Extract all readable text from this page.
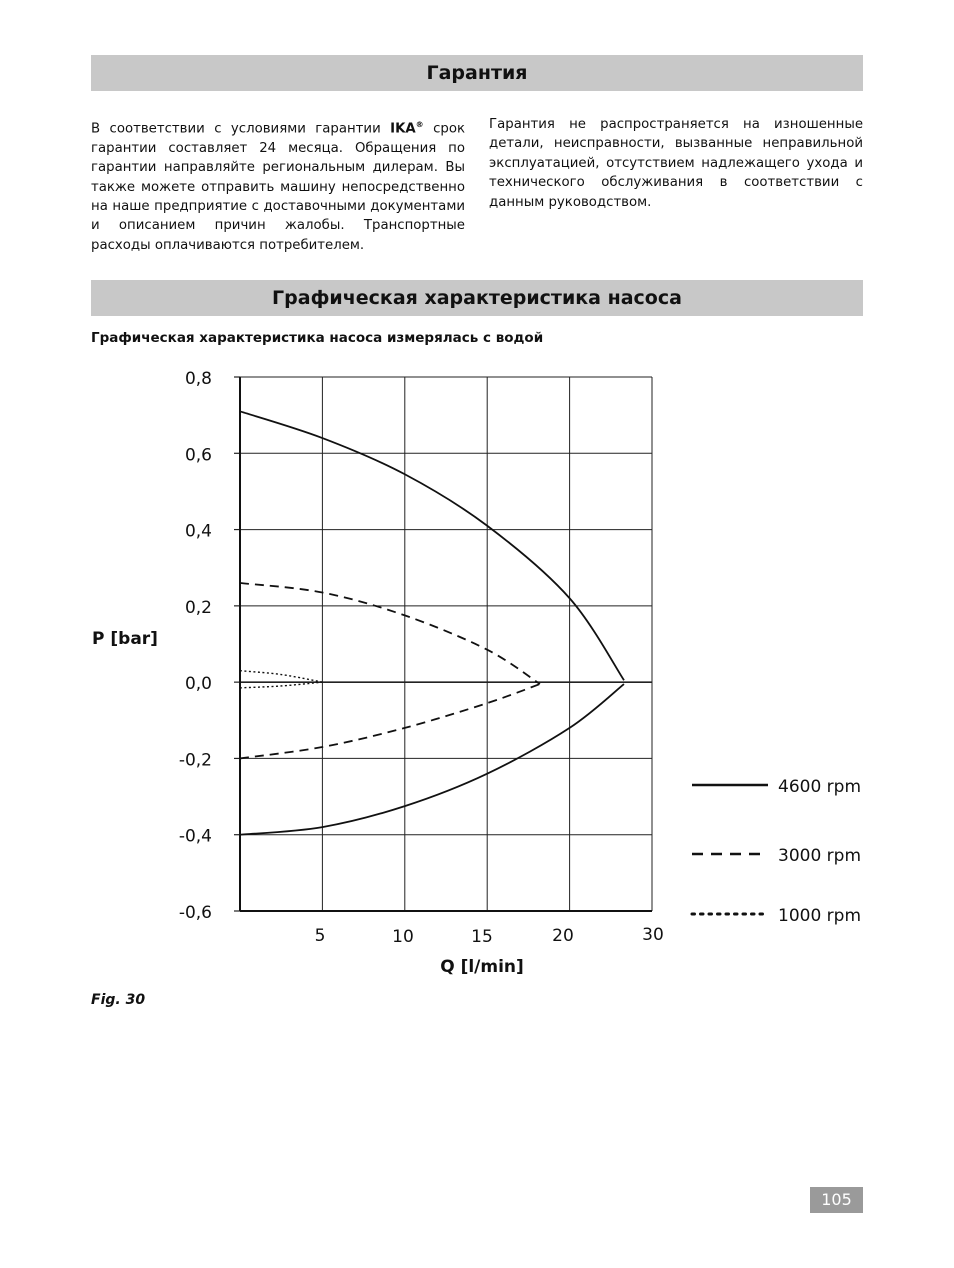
Гарантия
В соответствии с условиями гарантии IKA® срок гарантии составляет 24 месяца. Обращения по гарантии направляйте региональным дилерам. Вы также можете отправить машину непосредственно на наше предприятие с доставочными документами и описанием причин жалобы. Транспортные расходы оплачиваются потребителем.
Гарантия не распространяется на изношенные детали, неисправности, вызванные неправильной эксплуатацией, отсутствием надлежащего ухода и технического обслуживания в соответствии с данным руководством.
Графическая характеристика насоса
Графическая характеристика насоса измерялась с водой
0,8
0,6
0,4
0,2
0,0
-0,2
-0,4
-0,6
5	10	15	20	30
Q [l/min]
P [bar]
4600 rpm
3000 rpm
1000 rpm
Fig. 30
105
